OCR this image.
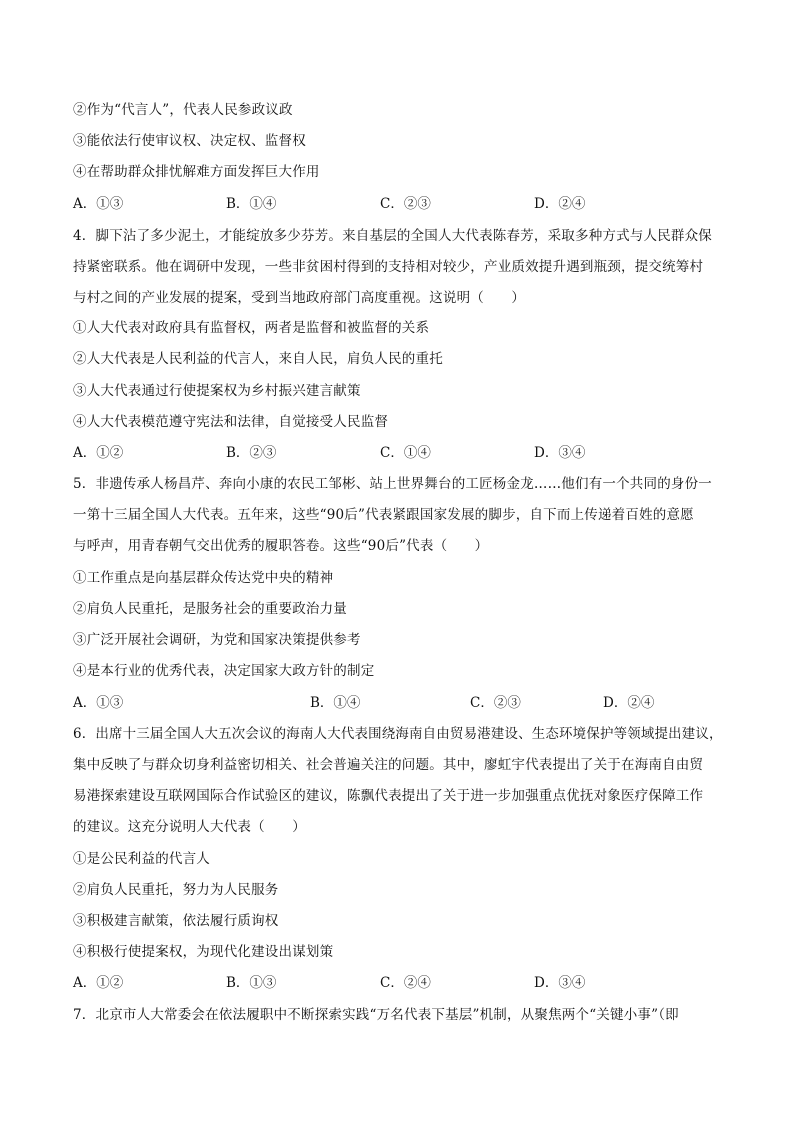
②作为“代言人”，代表人民参政议政
③能依法行使审议权、决定权、监督权
④在帮助群众排忧解难方面发挥巨大作用
A．①③	B．①④	C．②③	D．②④
4．脚下沾了多少泥土，才能绽放多少芬芳。来自基层的全国人大代表陈春芳，采取多种方式与人民群众保
持紧密联系。他在调研中发现，一些非贫困村得到的支持相对较少，产业质效提升遇到瓶颈，提交统筹村
与村之间的产业发展的提案，受到当地政府部门高度重视。这说明（　　）
①人大代表对政府具有监督权，两者是监督和被监督的关系
②人大代表是人民利益的代言人，来自人民，肩负人民的重托
③人大代表通过行使提案权为乡村振兴建言献策
④人大代表模范遵守宪法和法律，自觉接受人民监督
A．①②	B．②③	C．①④	D．③④
5．非遗传承人杨昌芹、奔向小康的农民工邹彬、站上世界舞台的工匠杨金龙……他们有一个共同的身份一
一第十三届全国人大代表。五年来，这些“90后”代表紧跟国家发展的脚步，自下而上传递着百姓的意愿
与呼声，用青春朝气交出优秀的履职答卷。这些“90后”代表（　　）
①工作重点是向基层群众传达党中央的精神
②肩负人民重托，是服务社会的重要政治力量
③广泛开展社会调研，为党和国家决策提供参考
④是本行业的优秀代表，决定国家大政方针的制定
A．①③	B．①④	C．②③	D．②④
6．出席十三届全国人大五次会议的海南人大代表围绕海南自由贸易港建设、生态环境保护等领域提出建议，
集中反映了与群众切身利益密切相关、社会普遍关注的问题。其中，廖虹宇代表提出了关于在海南自由贸
易港探索建设互联网国际合作试验区的建议，陈飘代表提出了关于进一步加强重点优抚对象医疗保障工作
的建议。这充分说明人大代表（　　）
①是公民利益的代言人
②肩负人民重托，努力为人民服务
③积极建言献策，依法履行质询权
④积极行使提案权，为现代化建设出谋划策
A．①②	B．①③	C．②④	D．③④
7．北京市人大常委会在依法履职中不断探索实践“万名代表下基层”机制，从聚焦两个“关键小事”（即
